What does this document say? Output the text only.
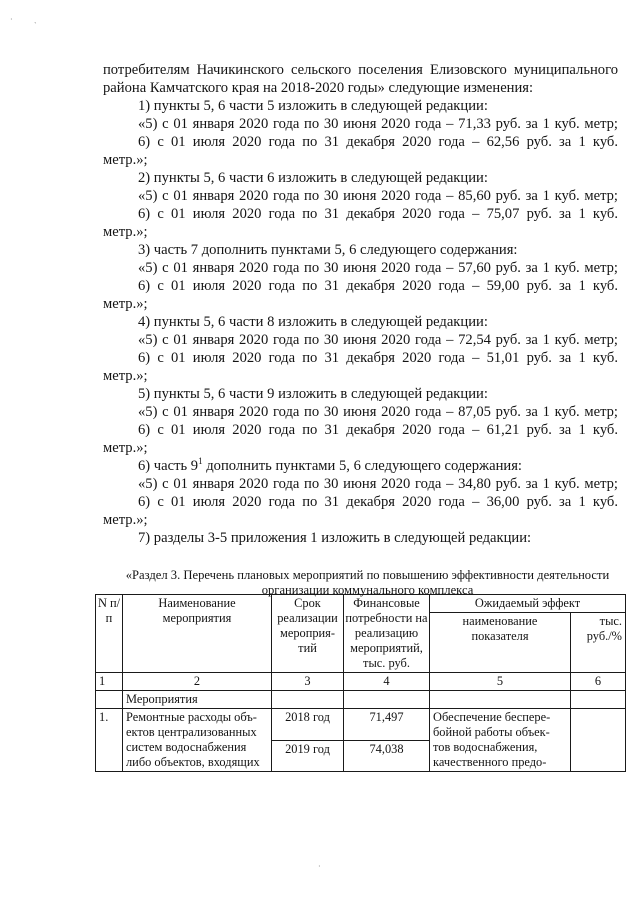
·
`
потребителям Начикинского сельского поселения Елизовского муниципального
района Камчатского края на 2018-2020 годы» следующие изменения:
1) пункты 5, 6 части 5 изложить в следующей редакции:
«5) с 01 января 2020 года по 30 июня 2020 года – 71,33 руб. за 1 куб. метр;
6) с 01 июля 2020 года по 31 декабря 2020 года – 62,56 руб. за 1 куб.
метр.»;
2) пункты 5, 6 части 6 изложить в следующей редакции:
«5) с 01 января 2020 года по 30 июня 2020 года – 85,60 руб. за 1 куб. метр;
6) с 01 июля 2020 года по 31 декабря 2020 года – 75,07 руб. за 1 куб.
метр.»;
3) часть 7 дополнить пунктами 5, 6 следующего содержания:
«5) с 01 января 2020 года по 30 июня 2020 года – 57,60 руб. за 1 куб. метр;
6) с 01 июля 2020 года по 31 декабря 2020 года – 59,00 руб. за 1 куб.
метр.»;
4) пункты 5, 6 части 8 изложить в следующей редакции:
«5) с 01 января 2020 года по 30 июня 2020 года – 72,54 руб. за 1 куб. метр;
6) с 01 июля 2020 года по 31 декабря 2020 года – 51,01 руб. за 1 куб.
метр.»;
5) пункты 5, 6 части 9 изложить в следующей редакции:
«5) с 01 января 2020 года по 30 июня 2020 года – 87,05 руб. за 1 куб. метр;
6) с 01 июля 2020 года по 31 декабря 2020 года – 61,21 руб. за 1 куб.
метр.»;
6) часть $9^1$ дополнить пунктами 5, 6 следующего содержания:
«5) с 01 января 2020 года по 30 июня 2020 года – 34,80 руб. за 1 куб. метр;
6) с 01 июля 2020 года по 31 декабря 2020 года – 36,00 руб. за 1 куб.
метр.»;
7) разделы 3-5 приложения 1 изложить в следующей редакции:
«Раздел 3. Перечень плановых мероприятий по повышению эффективности деятельности
организации коммунального комплекса
N п/ п	Наименование мероприятия	Срок реализации мероприя- тий	Финансовые потребности на реализацию мероприятий, тыс. руб.	Ожидаемый эффект	
				наименование показателя	тыс. руб./%
1	2	3	4	5	6
	Мероприятия				
1.	Ремонтные расходы объ- ектов централизованных систем водоснабжения либо объектов, входящих	2018 год	71,497	Обеспечение беспере- бойной работы объек- тов водоснабжения, качественного предо-	
		2019 год	74,038		
·
